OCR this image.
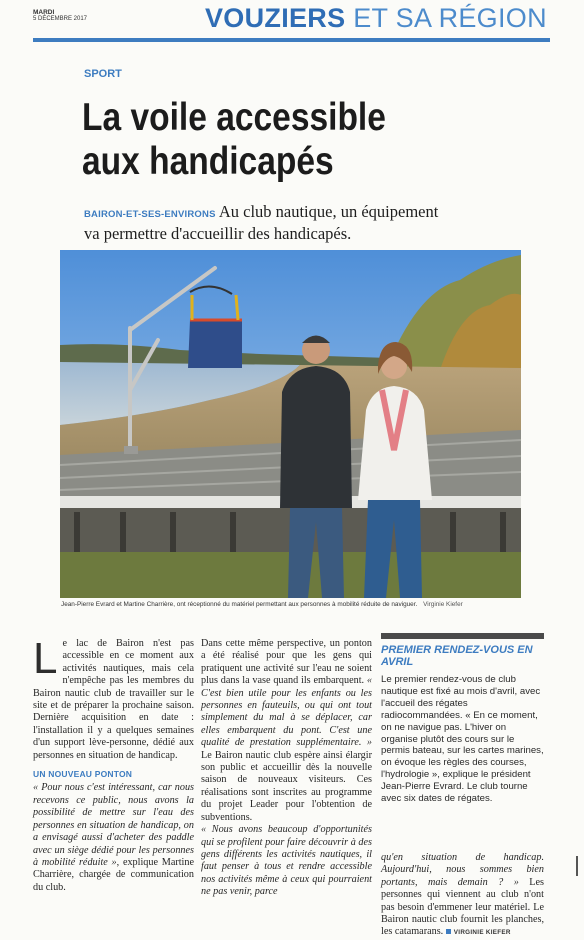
MARDI
5 DÉCEMBRE 2017	VOUZIERS ET SA RÉGION
SPORT
La voile accessible
aux handicapés
BAIRON-ET-SES-ENVIRONS Au club nautique, un équipement va permettre d'accueillir des handicapés.
Jean-Pierre Evrard et Martine Charrière, ont réceptionné du matériel permettant aux personnes à mobilité réduite de naviguer. Virginie Kiefer
Le lac de Bairon n'est pas accessible en ce moment aux activités nautiques, mais cela n'empêche pas les membres du Bairon nautic club de travailler sur le site et de préparer la prochaine saison. Dernière acquisition en date : l'installation il y a quelques semaines d'un support lève-personne, dédié aux personnes en situation de handicap.
UN NOUVEAU PONTON
« Pour nous c'est intéressant, car nous recevons ce public, nous avons la possibilité de mettre sur l'eau des personnes en situation de handicap, on a envisagé aussi d'acheter des paddle avec un siège dédié pour les personnes à mobilité réduite », explique Martine Charrière, chargée de communication du club.
Dans cette même perspective, un ponton a été réalisé pour que les gens qui pratiquent une activité sur l'eau ne soient plus dans la vase quand ils embarquent. « C'est bien utile pour les enfants ou les personnes en fauteuils, ou qui ont tout simplement du mal à se déplacer, car elles embarquent du pont. C'est une qualité de prestation supplémentaire. » Le Bairon nautic club espère ainsi élargir son public et accueillir dès la nouvelle saison de nouveaux visiteurs. Ces réalisations sont inscrites au programme du projet Leader pour l'obtention de subventions.
« Nous avons beaucoup d'opportunités qui se profilent pour faire découvrir à des gens différents les activités nautiques, il faut penser à tous et rendre accessible nos activités même à ceux qui pourraient ne pas venir, parce
PREMIER RENDEZ-VOUS EN AVRIL
Le premier rendez-vous de club nautique est fixé au mois d'avril, avec l'accueil des régates radiocommandées. « En ce moment, on ne navigue pas. L'hiver on organise plutôt des cours sur le permis bateau, sur les cartes marines, on évoque les règles des courses, l'hydrologie », explique le président Jean-Pierre Evrard. Le club tourne avec six dates de régates.
qu'en situation de handicap. Aujourd'hui, nous sommes bien portants, mais demain ? » Les personnes qui viennent au club n'ont pas besoin d'emmener leur matériel. Le Bairon nautic club fournit les planches, les catamarans. VIRGINIE KIEFER
